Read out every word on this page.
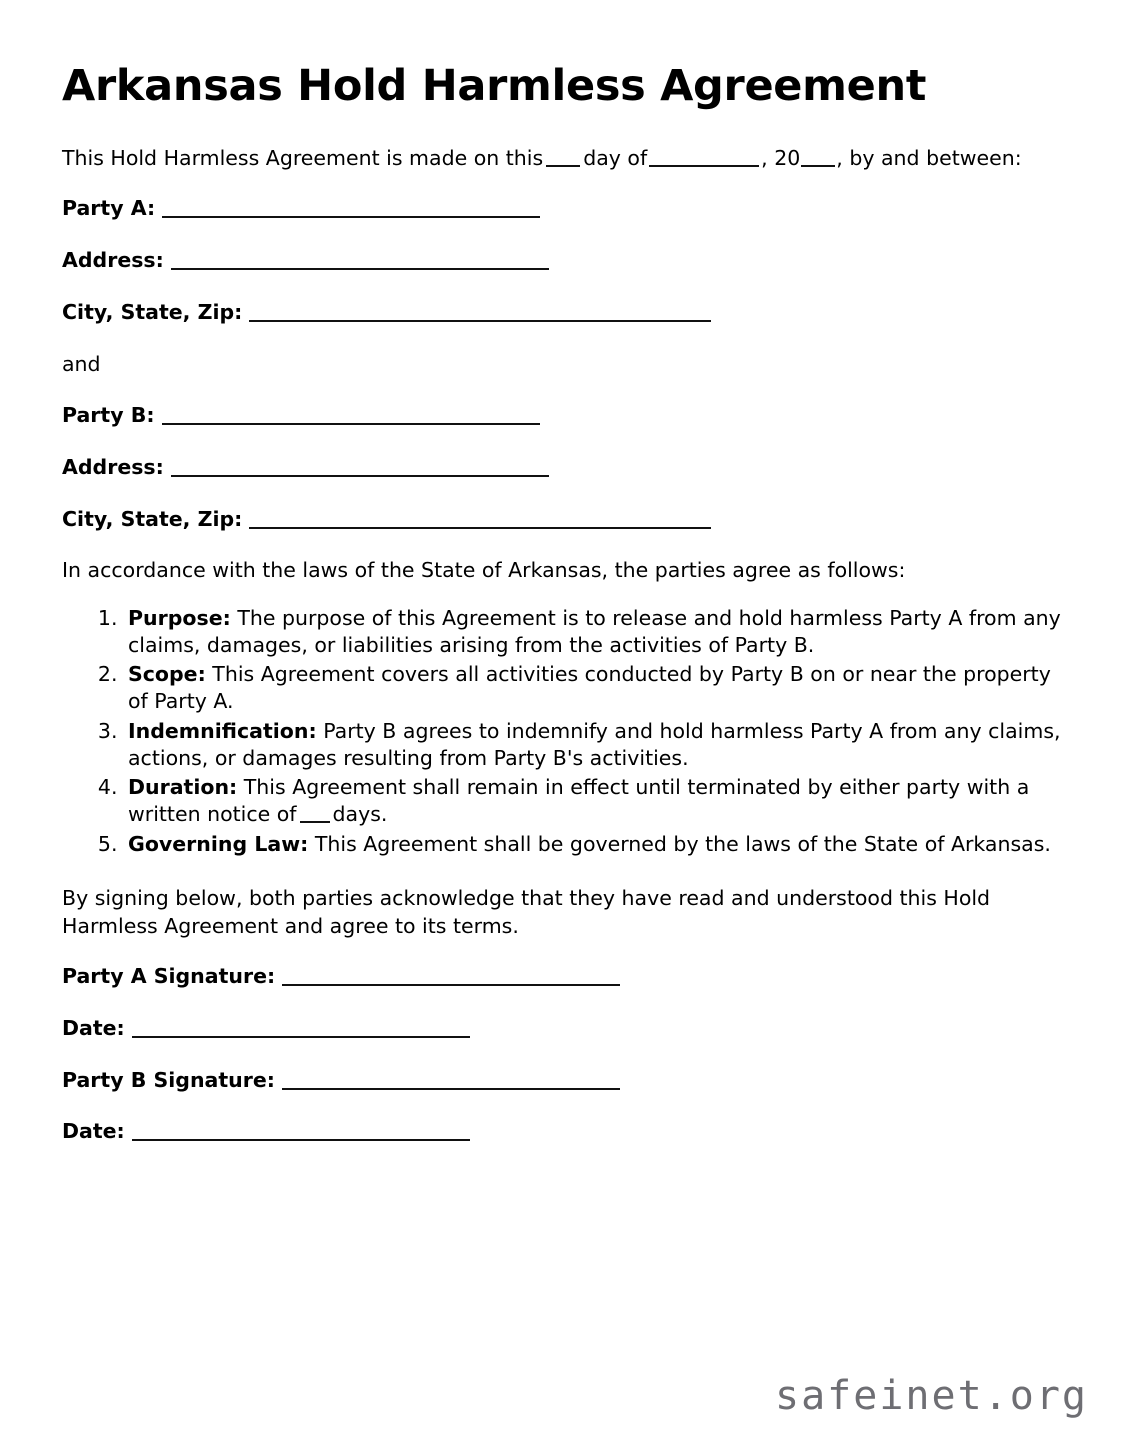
Arkansas Hold Harmless Agreement

This Hold Harmless Agreement is made on this day of	, 20 , by and between:

Party A:

Address:

City, State, Zip:

and

Party B:

Address:

City, State, Zip:

In accordance with the laws of the State of Arkansas, the parties agree as follows:

1. Purpose: The purpose of this Agreement is to release and hold harmless Party A from any claims, damages, or liabilities arising from the activities of Party B.
2. Scope: This Agreement covers all activities conducted by Party B on or near the property of Party A.
3. Indemnification: Party B agrees to indemnify and hold harmless Party A from any claims, actions, or damages resulting from Party B's activities.
4. Duration: This Agreement shall remain in effect until terminated by either party with a written notice of days.
5. Governing Law: This Agreement shall be governed by the laws of the State of Arkansas.

By signing below, both parties acknowledge that they have read and understood this Hold Harmless Agreement and agree to its terms.

Party A Signature:

Date:

Party B Signature:

Date:

safeinet.org
